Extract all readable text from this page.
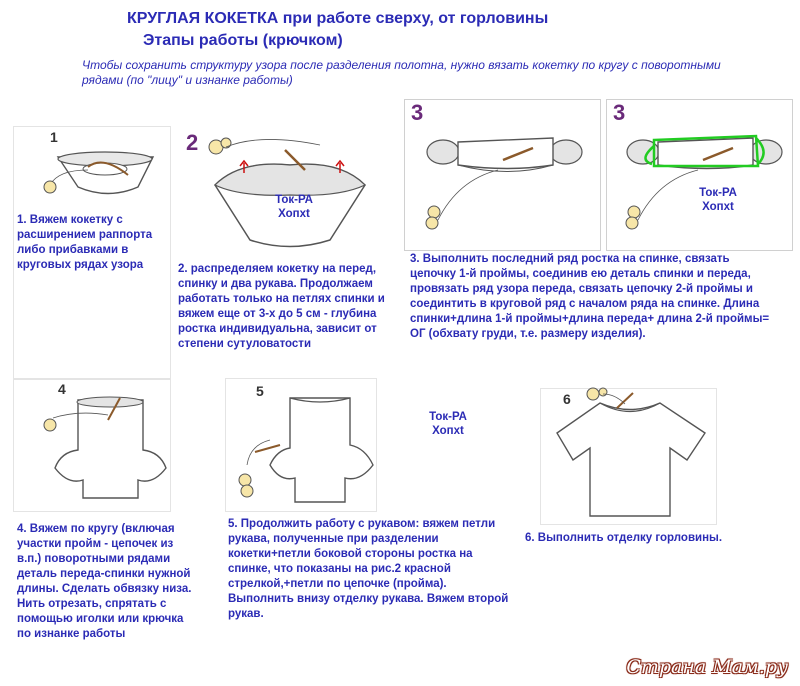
КРУГЛАЯ КОКЕТКА при работе сверху, от горловины
Этапы работы (крючком)
Чтобы сохранить структуру узора после разделения полотна, нужно вязать кокетку по кругу с поворотными рядами (по "лицу" и изнанке работы)
1
1. Вяжем кокетку с расширением раппорта либо прибавками в круговых рядах узора
2
Ток-РА
Хопхt
2. распределяем кокетку на перед, спинку и два рукава. Продолжаем работать только на петлях спинки и вяжем еще от 3-х до 5 см - глубина ростка индивидуальна, зависит от степени сутуловатости
3	3
Ток-РА
Хопхt
3. Выполнить последний ряд ростка на спинке, связать цепочку 1-й проймы, соединив ею деталь спинки и переда, провязать ряд узора переда, связать цепочку 2-й проймы и соединтить в круговой ряд с началом ряда на спинке. Длина спинки+длина 1-й проймы+длина переда+ длина 2-й проймы= ОГ (обхвату груди, т.е. размеру изделия).
4
4. Вяжем по кругу (включая участки пройм - цепочек из в.п.) поворотными рядами деталь переда-спинки нужной длины. Сделать обвязку низа. Нить отрезать, спрятать с помощью иголки или крючка по изнанке работы
5
Ток-РА
Хопхt
5. Продолжить работу с рукавом: вяжем петли рукава, полученные при разделении кокетки+петли боковой стороны ростка на спинке, что показаны на рис.2 красной стрелкой,+петли по цепочке (пройма). Выполнить внизу отделку рукава. Вяжем второй рукав.
6
6. Выполнить отделку горловины.
Страна Мам.ру
